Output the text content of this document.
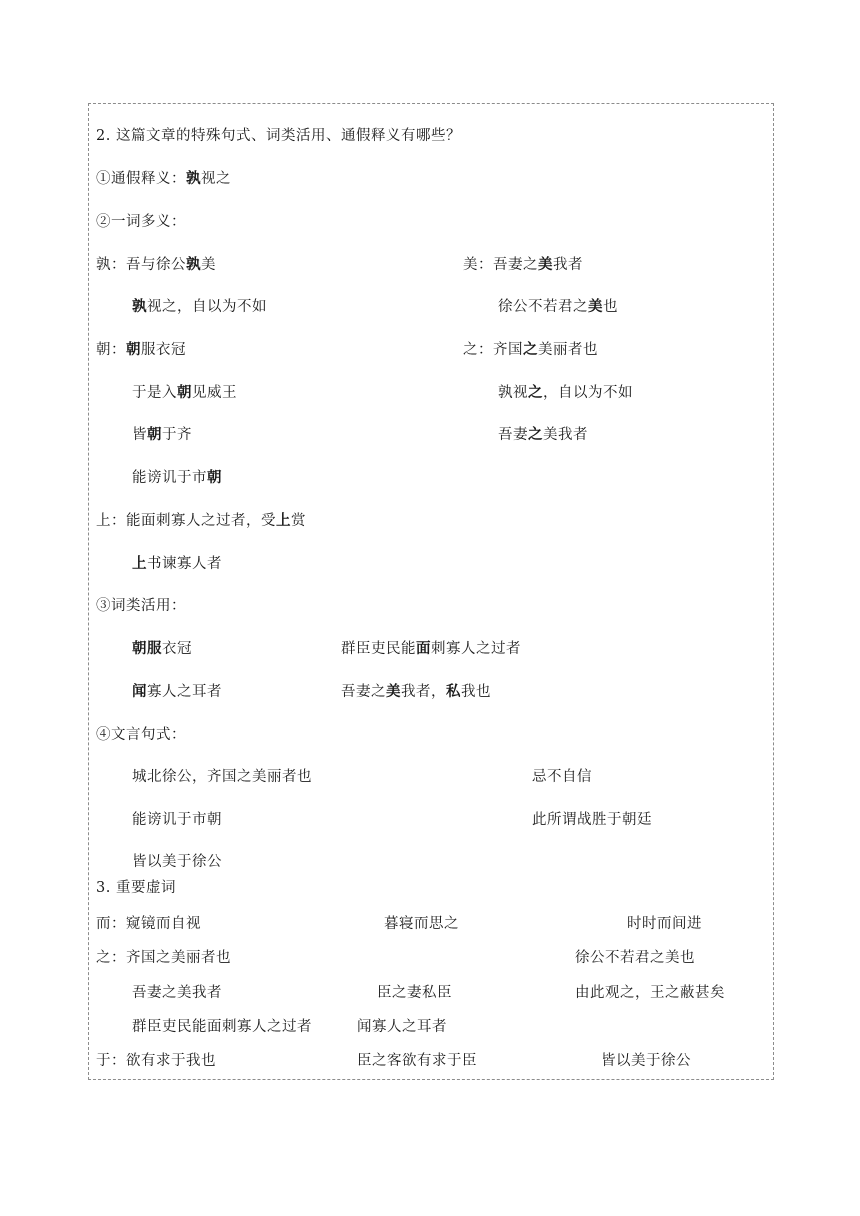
2. 这篇文章的特殊句式、词类活用、通假释义有哪些？
①通假释义：孰视之
②一词多义：
孰：吾与徐公孰美	美：吾妻之美我者
孰视之，自以为不如	徐公不若君之美也
朝：朝服衣冠	之：齐国之美丽者也
于是入朝见威王	孰视之，自以为不如
皆朝于齐	吾妻之美我者
能谤讥于市朝
上：能面刺寡人之过者，受上赏
上书谏寡人者
③词类活用：
朝服衣冠	群臣吏民能面刺寡人之过者
闻寡人之耳者	吾妻之美我者，私我也
④文言句式：
城北徐公，齐国之美丽者也	忌不自信
能谤讥于市朝	此所谓战胜于朝廷
皆以美于徐公
3. 重要虚词
而：窥镜而自视	暮寝而思之	时时而间进
之：齐国之美丽者也	徐公不若君之美也
吾妻之美我者	臣之妻私臣	由此观之，王之蔽甚矣
群臣吏民能面刺寡人之过者	闻寡人之耳者
于：欲有求于我也	臣之客欲有求于臣	皆以美于徐公
